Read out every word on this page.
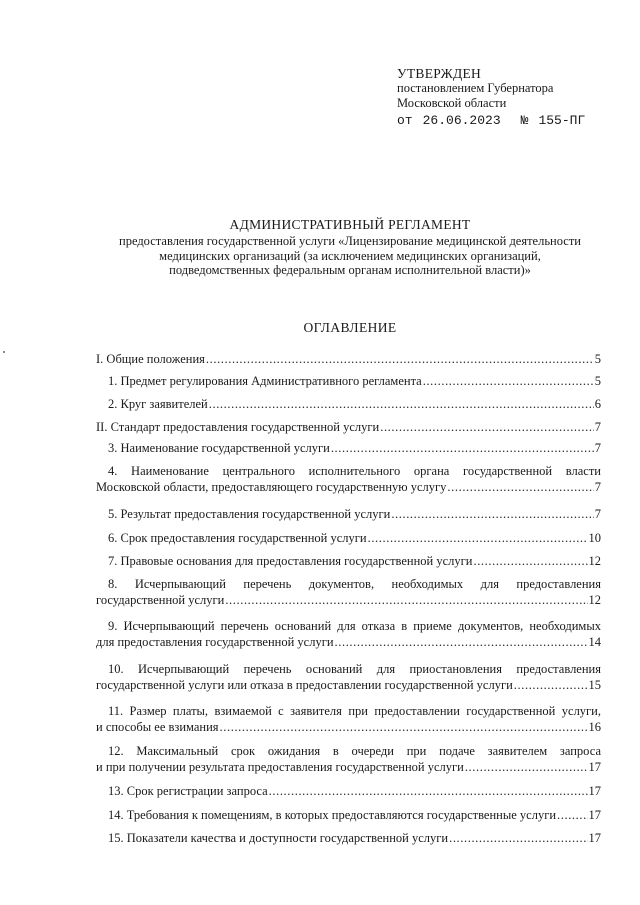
УТВЕРЖДЕН
постановлением Губернатора
Московской области
от 26.06.2023 № 155-ПГ
АДМИНИСТРАТИВНЫЙ РЕГЛАМЕНТ
предоставления государственной услуги «Лицензирование медицинской деятельности
медицинских организаций (за исключением медицинских организаций,
подведомственных федеральным органам исполнительной власти)»
ОГЛАВЛЕНИЕ
I. Общие положения .....	5
1. Предмет регулирования Административного регламента .....	5
2. Круг заявителей .....	6
II. Стандарт предоставления государственной услуги .....	7
3. Наименование государственной услуги .....	7
4. Наименование центрального исполнительного органа государственной власти
Московской области, предоставляющего государственную услугу .....	7
5. Результат предоставления государственной услуги .....	7
6. Срок предоставления государственной услуги .....	10
7. Правовые основания для предоставления государственной услуги .....	12
8. Исчерпывающий перечень документов, необходимых для предоставления
государственной услуги .....	12
9. Исчерпывающий перечень оснований для отказа в приеме документов, необходимых
для предоставления государственной услуги .....	14
10. Исчерпывающий перечень оснований для приостановления предоставления
государственной услуги или отказа в предоставлении государственной услуги .....	15
11. Размер платы, взимаемой с заявителя при предоставлении государственной услуги,
и способы ее взимания .....	16
12. Максимальный срок ожидания в очереди при подаче заявителем запроса
и при получении результата предоставления государственной услуги .....	17
13. Срок регистрации запроса .....	17
14. Требования к помещениям, в которых предоставляются государственные услуги .....	17
15. Показатели качества и доступности государственной услуги .....	17
